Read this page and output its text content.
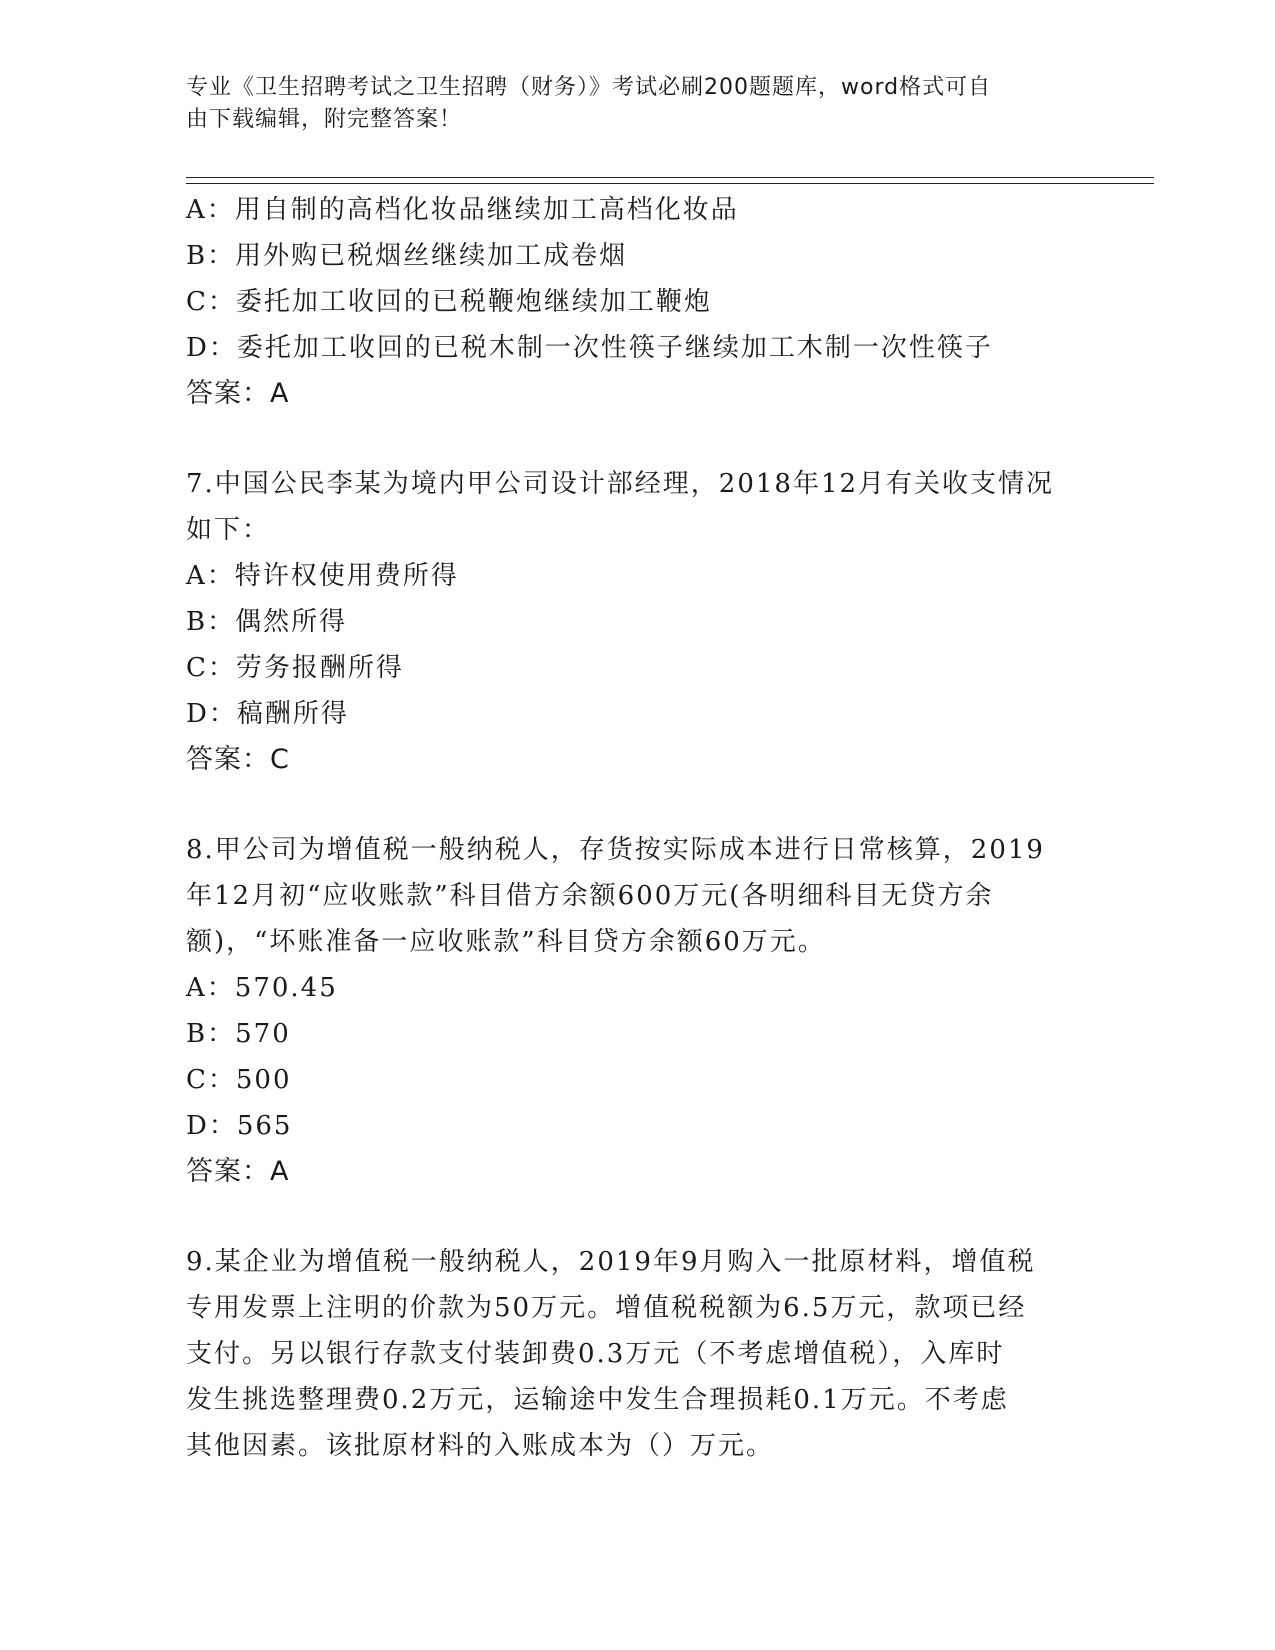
专业《卫生招聘考试之卫生招聘（财务）》考试必刷200题题库，word格式可自
由下载编辑，附完整答案！
A：用自制的高档化妆品继续加工高档化妆品
B：用外购已税烟丝继续加工成卷烟
C：委托加工收回的已税鞭炮继续加工鞭炮
D：委托加工收回的已税木制一次性筷子继续加工木制一次性筷子
答案：A
7.中国公民李某为境内甲公司设计部经理，2018年12月有关收支情况
如下：
A：特许权使用费所得
B：偶然所得
C：劳务报酬所得
D：稿酬所得
答案：C
8.甲公司为增值税一般纳税人，存货按实际成本进行日常核算，2019
年12月初“应收账款”科目借方余额600万元(各明细科目无贷方余
额)，“坏账准备一应收账款”科目贷方余额60万元。
A：570.45
B：570
C：500
D：565
答案：A
9.某企业为增值税一般纳税人，2019年9月购入一批原材料，增值税
专用发票上注明的价款为50万元。增值税税额为6.5万元，款项已经
支付。另以银行存款支付装卸费0.3万元（不考虑增值税），入库时
发生挑选整理费0.2万元，运输途中发生合理损耗0.1万元。不考虑
其他因素。该批原材料的入账成本为（）万元。
